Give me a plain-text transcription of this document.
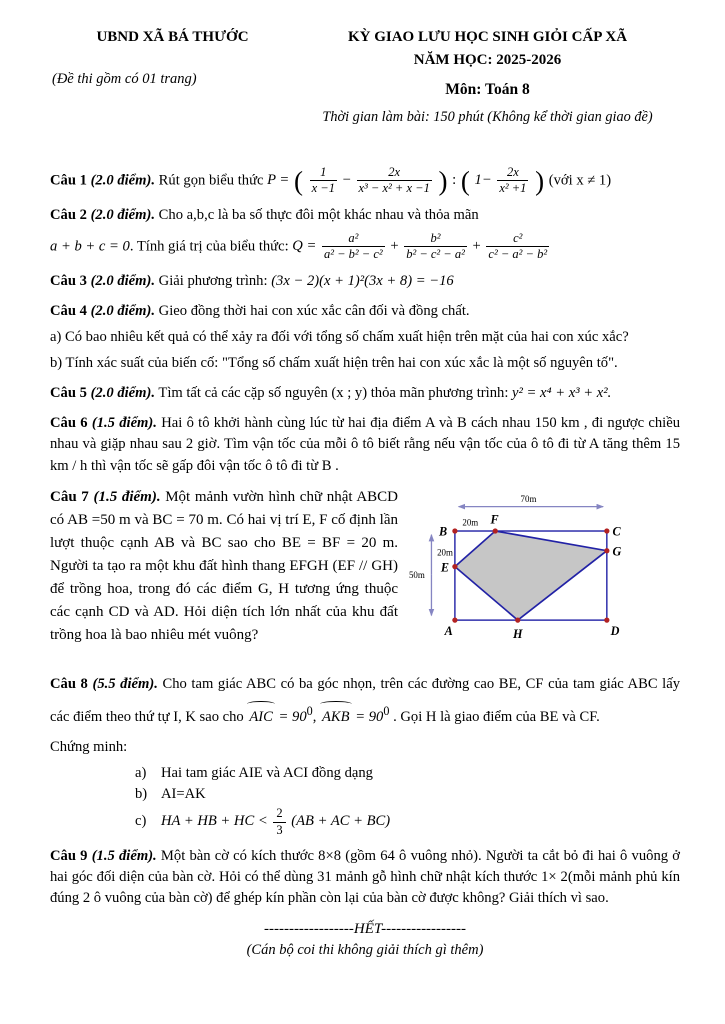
UBND XÃ BÁ THƯỚC
(Đề thi gồm có 01 trang)
KỲ GIAO LƯU HỌC SINH GIỎI CẤP XÃ
NĂM HỌC: 2025-2026
Môn: Toán 8
Thời gian làm bài: 150 phút (Không kể thời gian giao đề)
Câu 1 (2.0 điểm). Rút gọn biểu thức P = ( $\frac{1}{x -1} - \frac{2x}{\text{x³ − x² + x −1}}$ ) : ( $1- \frac{2x}{\text{x² +1}}$ ) (với x ≠ 1)
Câu 2 (2.0 điểm). Cho a,b,c là ba số thực đôi một khác nhau và thỏa mãn
a + b + c = 0. Tính giá trị của biểu thức: $Q = \frac{\text{a²}}{\text{a² − b² − c²}} + \frac{\text{b²}}{\text{b² − c² − a²}} + \frac{\text{c²}}{\text{c² − a² − b²}}$
Câu 3 (2.0 điểm). Giải phương trình: (3x − 2)(x + 1)²(3x + 8) = −16
Câu 4 (2.0 điểm). Gieo đồng thời hai con xúc xắc cân đối và đồng chất.
a) Có bao nhiêu kết quả có thể xảy ra đối với tổng số chấm xuất hiện trên mặt của hai con xúc xắc?
b) Tính xác suất của biến cố: "Tổng số chấm xuất hiện trên hai con xúc xắc là một số nguyên tố".
Câu 5 (2.0 điểm). Tìm tất cả các cặp số nguyên (x ; y) thỏa mãn phương trình: y² = x⁴ + x³ + x².
Câu 6 (1.5 điểm). Hai ô tô khởi hành cùng lúc từ hai địa điểm A và B cách nhau 150 km , đi ngược chiều nhau và giặp nhau sau 2 giờ. Tìm vận tốc của mỗi ô tô biết rằng nếu vận tốc của ô tô đi từ A tăng thêm 15 km / h thì vận tốc sẽ gấp đôi vận tốc ô tô đi từ B .
Câu 7 (1.5 điểm). Một mảnh vườn hình chữ nhật ABCD có AB =50 m và BC = 70 m. Có hai vị trí E, F cố định lần lượt thuộc cạnh AB và BC sao cho BE = BF = 20 m. Người ta tạo ra một khu đất hình thang EFGH (EF // GH) để trồng hoa, trong đó các điểm G, H tương ứng thuộc các cạnh CD và AD. Hỏi diện tích lớn nhất của khu đất trồng hoa là bao nhiêu mét vuông?
70m
50m
20m
20m
B
F
C
G
E
A	H	D
Câu 8 (5.5 điểm). Cho tam giác ABC có ba góc nhọn, trên các đường cao BE, CF của tam giác ABC lấy các điểm theo thứ tự I, K sao cho AIC = $90^0$, AKB = $90^0$ . Gọi H là giao điểm của BE và CF.
Chứng minh:
a) Hai tam giác AIE và ACI đồng dạng
b) AI=AK
c) HA + HB + HC < $\frac{2}{3} (AB$ + AC + BC)
Câu 9 (1.5 điểm). Một bàn cờ có kích thước 8×8 (gồm 64 ô vuông nhỏ). Người ta cắt bỏ đi hai ô vuông ở hai góc đối diện của bàn cờ. Hỏi có thể dùng 31 mảnh gỗ hình chữ nhật kích thước 1× 2(mỗi mảnh phủ kín đúng 2 ô vuông của bàn cờ) để ghép kín phần còn lại của bàn cờ được không? Giải thích vì sao.
------------------HẾT-----------------
(Cán bộ coi thi không giải thích gì thêm)
